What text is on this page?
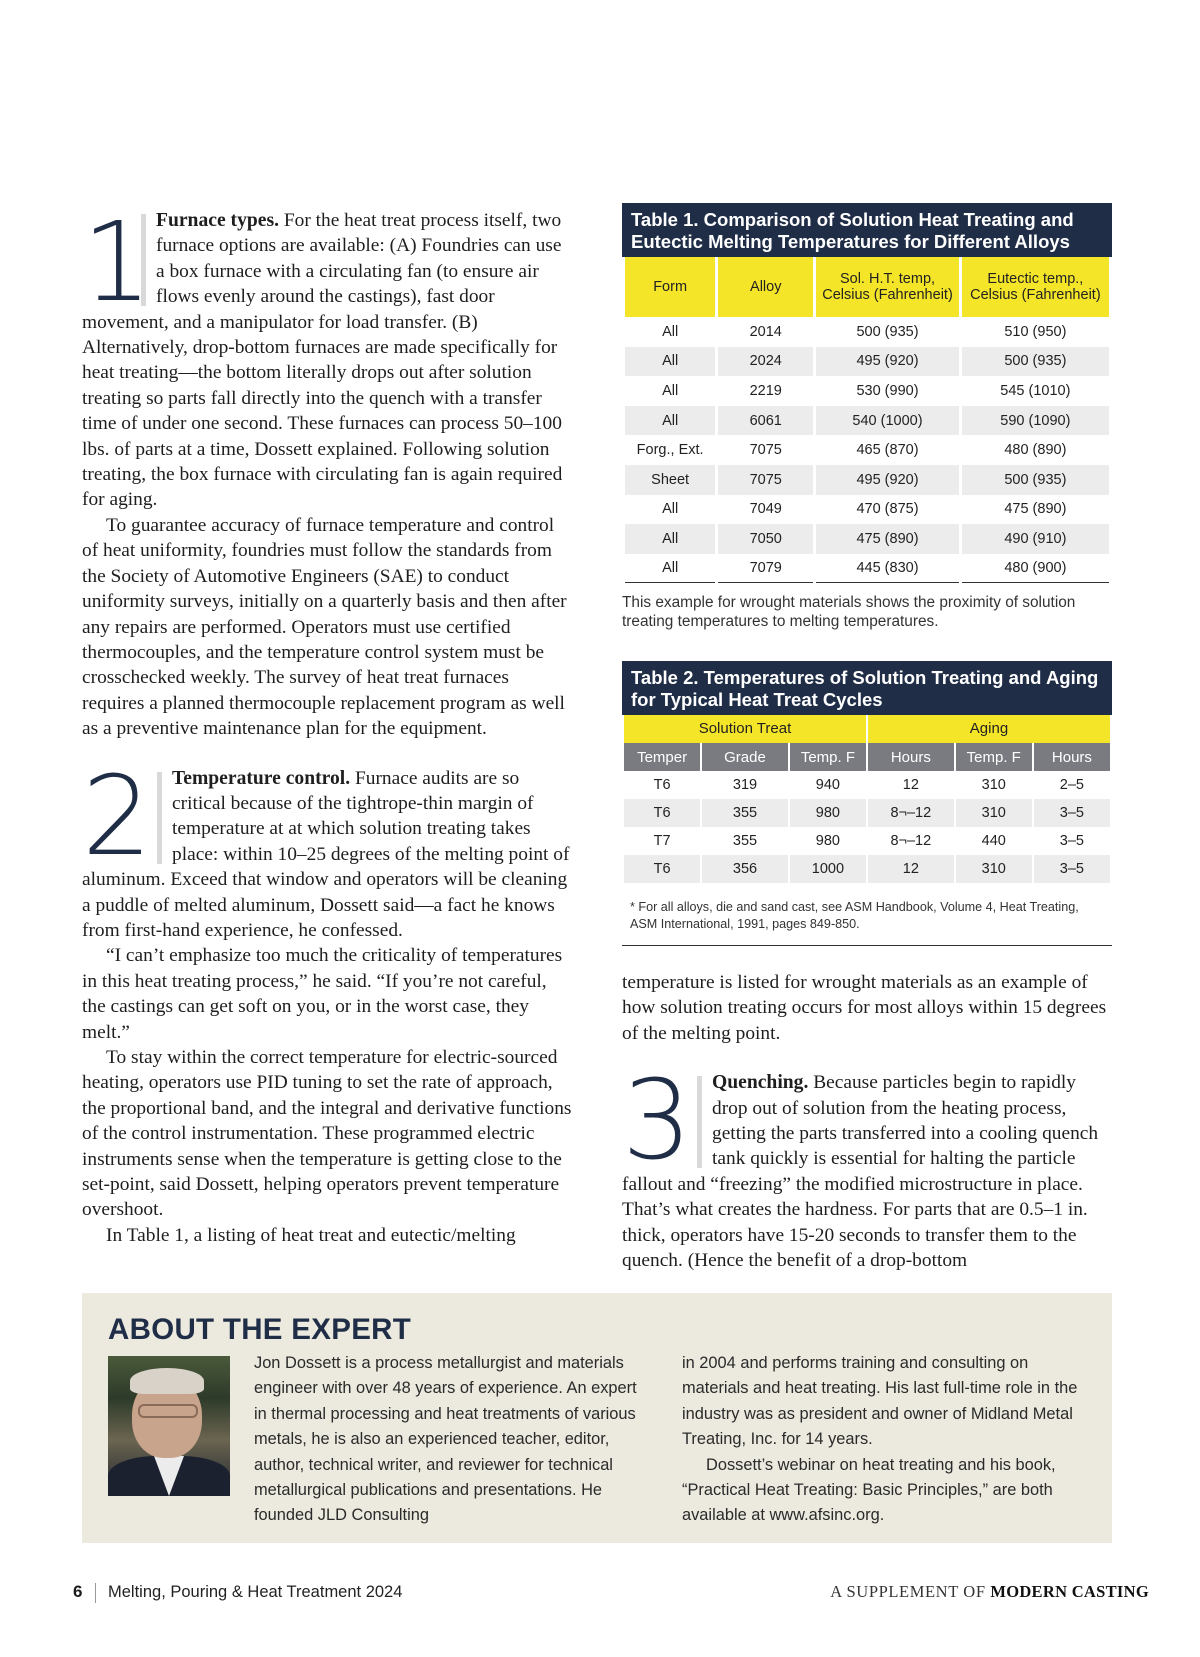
1 Furnace types. For the heat treat process itself, two furnace options are available: (A) Foundries can use a box furnace with a circulating fan (to ensure air flows evenly around the castings), fast door movement, and a manipulator for load transfer. (B) Alternatively, drop-bottom furnaces are made specifically for heat treating—the bottom literally drops out after solution treating so parts fall directly into the quench with a transfer time of under one second. These furnaces can process 50–100 lbs. of parts at a time, Dossett explained. Following solution treating, the box furnace with circulating fan is again required for aging.

To guarantee accuracy of furnace temperature and control of heat uniformity, foundries must follow the standards from the Society of Automotive Engineers (SAE) to conduct uniformity surveys, initially on a quarterly basis and then after any repairs are performed. Operators must use certified thermocouples, and the temperature control system must be crosschecked weekly. The survey of heat treat furnaces requires a planned thermocouple replacement program as well as a preventive maintenance plan for the equipment.

2	Temperature control. Furnace audits are so critical because of the tightrope-thin margin of temperature at at which solution treating takes place: within 10–25 degrees of the melting point of aluminum. Exceed that window and operators will be cleaning a puddle of melted aluminum, Dossett said—a fact he knows from first-hand experience, he confessed.

“I can’t emphasize too much the criticality of temperatures in this heat treating process,” he said. “If you’re not careful, the castings can get soft on you, or in the worst case, they melt.”

To stay within the correct temperature for electric-sourced heating, operators use PID tuning to set the rate of approach, the proportional band, and the integral and derivative functions of the control instrumentation. These programmed electric instruments sense when the temperature is getting close to the set-point, said Dossett, helping operators prevent temperature overshoot.

In Table 1, a listing of heat treat and eutectic/melting

Table 1. Comparison of Solution Heat Treating and Eutectic Melting Temperatures for Different Alloys
Form	Alloy	Sol. H.T. temp, Celsius (Fahrenheit)	Eutectic temp., Celsius (Fahrenheit)
All	2014	500 (935)	510 (950)
All	2024	495 (920)	500 (935)
All	2219	530 (990)	545 (1010)
All	6061	540 (1000)	590 (1090)
Forg., Ext.	7075	465 (870)	480 (890)
Sheet	7075	495 (920)	500 (935)
All	7049	470 (875)	475 (890)
All	7050	475 (890)	490 (910)
All	7079	445 (830)	480 (900)
This example for wrought materials shows the proximity of solution treating temperatures to melting temperatures.
Table 2. Temperatures of Solution Treating and Aging for Typical Heat Treat Cycles
Solution Treat			Aging		
Temper	Grade	Temp. F	Hours	Temp. F	Hours
T6	319	940	12	310	2–5
T6	355	980	8¬–12	310	3–5
T7	355	980	8¬–12	440	3–5
T6	356	1000	12	310	3–5
* For all alloys, die and sand cast, see ASM Handbook, Volume 4, Heat Treating, ASM International, 1991, pages 849-850.

temperature is listed for wrought materials as an example of how solution treating occurs for most alloys within 15 degrees of the melting point.

3	Quenching. Because particles begin to rapidly drop out of solution from the heating process, getting the parts transferred into a cooling quench tank quickly is essential for halting the particle fallout and “freezing” the modified microstructure in place. That’s what creates the hardness. For parts that are 0.5–1 in. thick, operators have 15-20 seconds to transfer them to the quench. (Hence the benefit of a drop-bottom

ABOUT THE EXPERT
Jon Dossett is a process metallurgist and materials engineer with over 48 years of experience. An expert in thermal processing and heat treatments of various metals, he is also an experienced teacher, editor, author, technical writer, and reviewer for technical metallurgical publications and presentations. He founded JLD Consulting

in 2004 and performs training and consulting on materials and heat treating. His last full-time role in the industry was as president and owner of Midland Metal Treating, Inc. for 14 years.

Dossett’s webinar on heat treating and his book, “Practical Heat Treating: Basic Principles,” are both available at www.afsinc.org.

6 Melting, Pouring & Heat Treatment 2024	A SUPPLEMENT OF MODERN CASTING
